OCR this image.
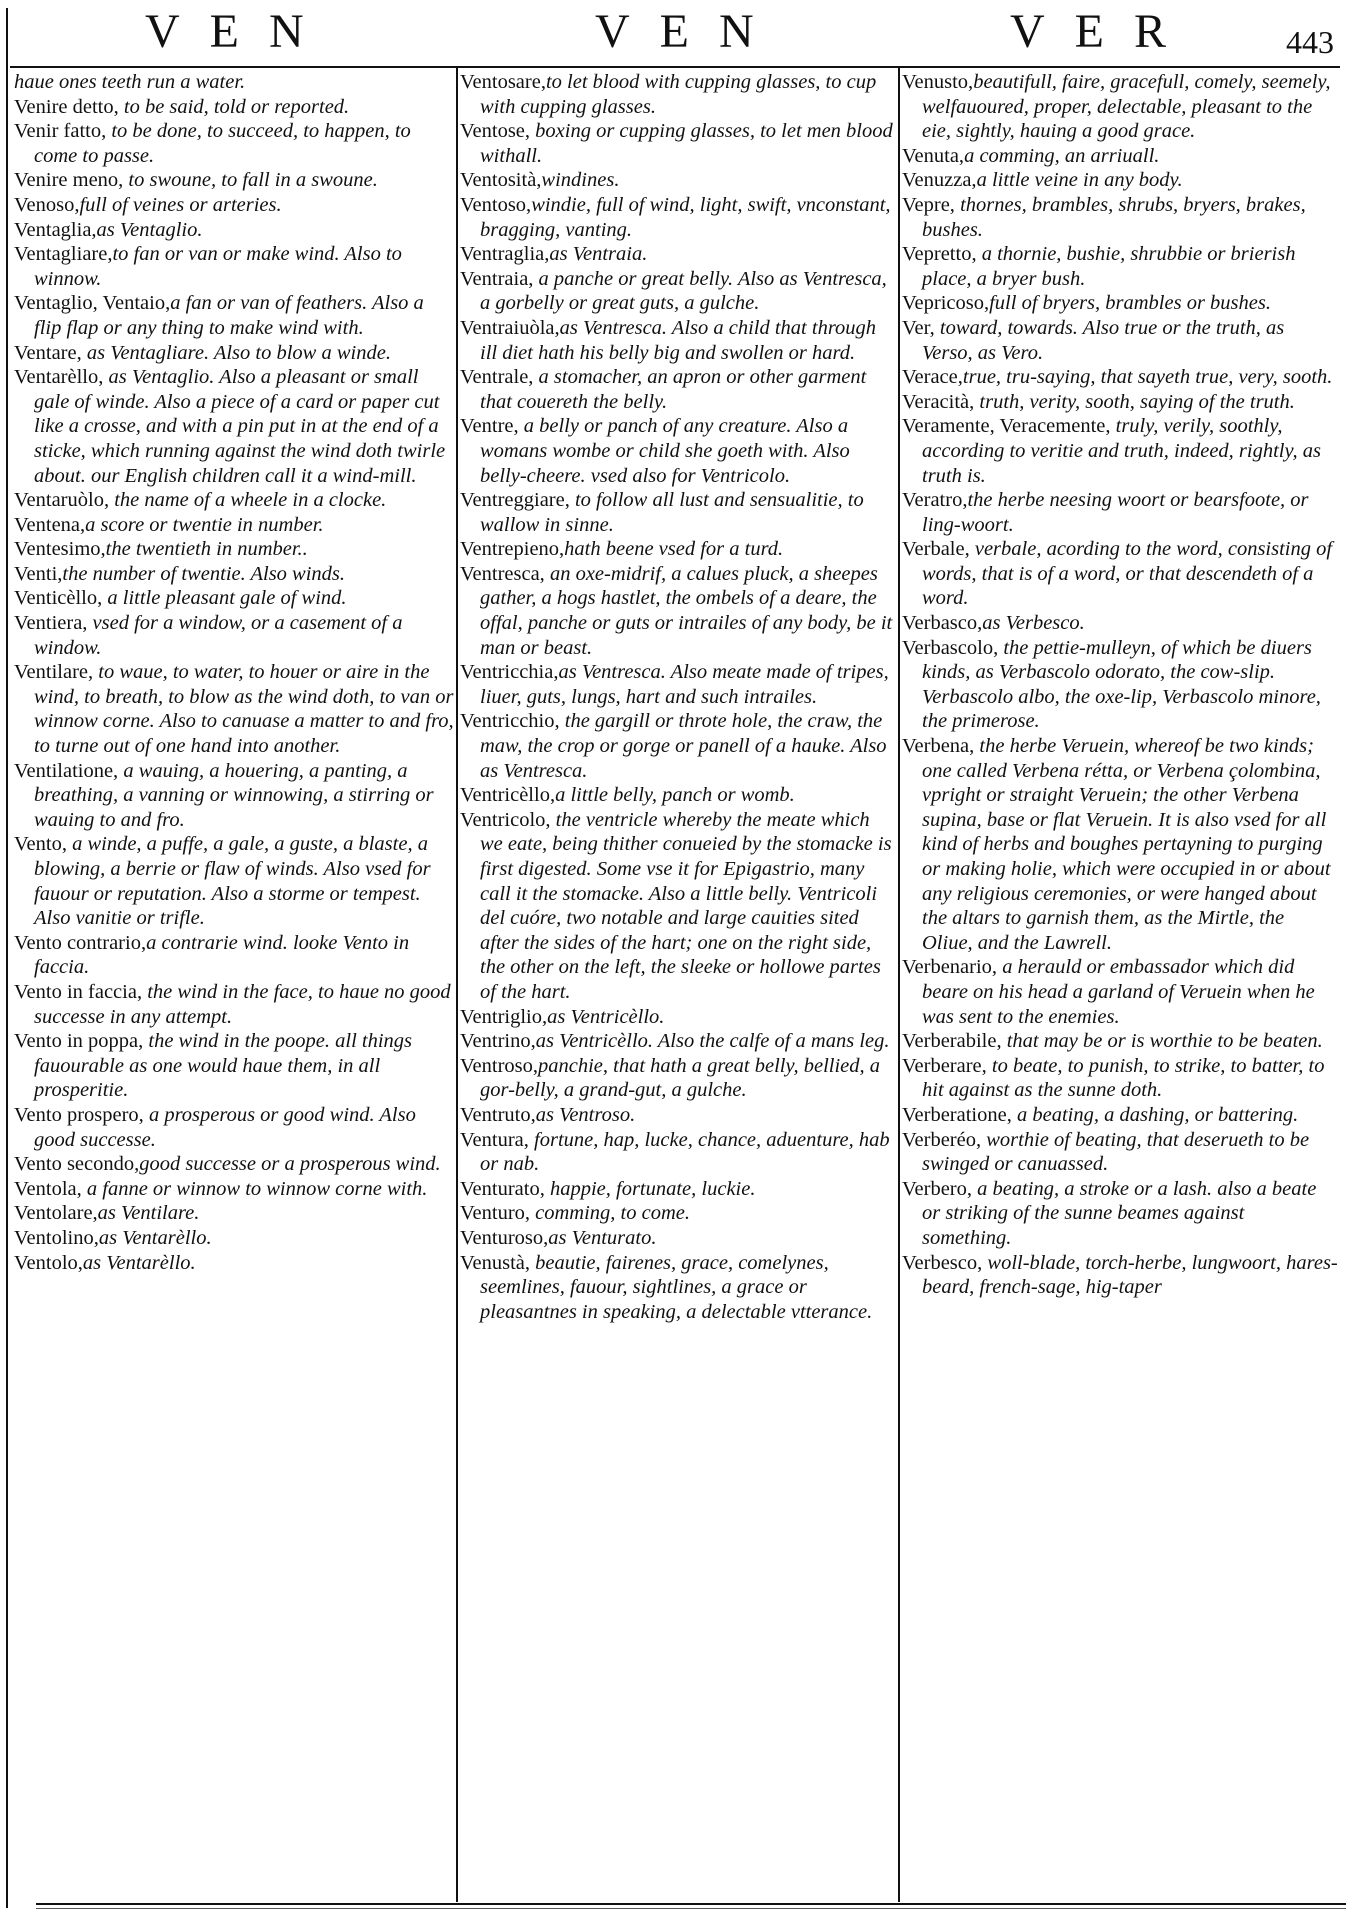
VEN	VEN	VER	443

haue ones teeth run a water.

Venire detto, to be said, told or reported.

Venir fatto, to be done, to succeed, to happen, to come to passe.

Venire meno, to swoune, to fall in a swoune.

Venoso,full of veines or arteries.

Ventaglia,as Ventaglio.

Ventagliare,to fan or van or make wind. Also to winnow.

Ventaglio, Ventaio,a fan or van of feathers. Also a flip flap or any thing to make wind with.

Ventare, as Ventagliare. Also to blow a winde.

Ventarèllo, as Ventaglio. Also a pleasant or small gale of winde. Also a piece of a card or paper cut like a crosse, and with a pin put in at the end of a sticke, which running against the wind doth twirle about. our English children call it a wind-mill.

Ventaruòlo, the name of a wheele in a clocke.

Ventena,a score or twentie in number.

Ventesimo,the twentieth in number..

Venti,the number of twentie. Also winds.

Venticèllo, a little pleasant gale of wind.

Ventiera, vsed for a window, or a casement of a window.

Ventilare, to waue, to water, to houer or aire in the wind, to breath, to blow as the wind doth, to van or winnow corne. Also to canuase a matter to and fro, to turne out of one hand into another.

Ventilatione, a wauing, a houering, a panting, a breathing, a vanning or winnowing, a stirring or wauing to and fro.

Vento, a winde, a puffe, a gale, a guste, a blaste, a blowing, a berrie or flaw of winds. Also vsed for fauour or reputation. Also a storme or tempest. Also vanitie or trifle.

Vento contrario,a contrarie wind. looke Vento in faccia.

Vento in faccia, the wind in the face, to haue no good successe in any attempt.

Vento in poppa, the wind in the poope. all things fauourable as one would haue them, in all prosperitie.

Vento prospero, a prosperous or good wind. Also good successe.

Vento secondo,good successe or a prosperous wind.

Ventola, a fanne or winnow to winnow corne with.

Ventolare,as Ventilare.

Ventolino,as Ventarèllo.

Ventolo,as Ventarèllo.

Ventosare,to let blood with cupping glasses, to cup with cupping glasses.

Ventose, boxing or cupping glasses, to let men blood withall.

Ventosità,windines.

Ventoso,windie, full of wind, light, swift, vnconstant, bragging, vanting.

Ventraglia,as Ventraia.

Ventraia, a panche or great belly. Also as Ventresca, a gorbelly or great guts, a gulche.

Ventraiuòla,as Ventresca. Also a child that through ill diet hath his belly big and swollen or hard.

Ventrale, a stomacher, an apron or other garment that couereth the belly.

Ventre, a belly or panch of any creature. Also a womans wombe or child she goeth with. Also belly-cheere. vsed also for Ventricolo.

Ventreggiare, to follow all lust and sensualitie, to wallow in sinne.

Ventrepieno,hath beene vsed for a turd.

Ventresca, an oxe-midrif, a calues pluck, a sheepes gather, a hogs hastlet, the ombels of a deare, the offal, panche or guts or intrailes of any body, be it man or beast.

Ventricchia,as Ventresca. Also meate made of tripes, liuer, guts, lungs, hart and such intrailes.

Ventricchio, the gargill or throte hole, the craw, the maw, the crop or gorge or panell of a hauke. Also as Ventresca.

Ventricèllo,a little belly, panch or womb.

Ventricolo, the ventricle whereby the meate which we eate, being thither conueied by the stomacke is first digested. Some vse it for Epigastrio, many call it the stomacke. Also a little belly. Ventricoli del cuóre, two notable and large cauities sited after the sides of the hart; one on the right side, the other on the left, the sleeke or hollowe partes of the hart.

Ventriglio,as Ventricèllo.

Ventrino,as Ventricèllo. Also the calfe of a mans leg.

Ventroso,panchie, that hath a great belly, bellied, a gor-belly, a grand-gut, a gulche.

Ventruto,as Ventroso.

Ventura, fortune, hap, lucke, chance, aduenture, hab or nab.

Venturato, happie, fortunate, luckie.

Venturo, comming, to come.

Venturoso,as Venturato.

Venustà, beautie, fairenes, grace, comelynes, seemlines, fauour, sightlines, a grace or pleasantnes in speaking, a delectable vtterance.

Venusto,beautifull, faire, gracefull, comely, seemely, welfauoured, proper, delectable, pleasant to the eie, sightly, hauing a good grace.

Venuta,a comming, an arriuall.

Venuzza,a little veine in any body.

Vepre, thornes, brambles, shrubs, bryers, brakes, bushes.

Vepretto, a thornie, bushie, shrubbie or brierish place, a bryer bush.

Vepricoso,full of bryers, brambles or bushes.

Ver, toward, towards. Also true or the truth, as Verso, as Vero.

Verace,true, tru-saying, that sayeth true, very, sooth.

Veracità, truth, verity, sooth, saying of the truth.

Veramente, Veracemente, truly, verily, soothly, according to veritie and truth, indeed, rightly, as truth is.

Veratro,the herbe neesing woort or bearsfoote, or ling-woort.

Verbale, verbale, acording to the word, consisting of words, that is of a word, or that descendeth of a word.

Verbasco,as Verbesco.

Verbascolo, the pettie-mulleyn, of which be diuers kinds, as Verbascolo odorato, the cow-slip. Verbascolo albo, the oxe-lip, Verbascolo minore, the primerose.

Verbena, the herbe Veruein, whereof be two kinds; one called Verbena rétta, or Verbena çolombina, vpright or straight Veruein; the other Verbena supina, base or flat Veruein. It is also vsed for all kind of herbs and boughes pertayning to purging or making holie, which were occupied in or about any religious ceremonies, or were hanged about the altars to garnish them, as the Mirtle, the Oliue, and the Lawrell.

Verbenario, a herauld or embassador which did beare on his head a garland of Veruein when he was sent to the enemies.

Verberabile, that may be or is worthie to be beaten.

Verberare, to beate, to punish, to strike, to batter, to hit against as the sunne doth.

Verberatione, a beating, a dashing, or battering.

Verberéo, worthie of beating, that deserueth to be swinged or canuassed.

Verbero, a beating, a stroke or a lash. also a beate or striking of the sunne beames against something.

Verbesco, woll-blade, torch-herbe, lungwoort, hares-beard, french-sage, hig-taper
